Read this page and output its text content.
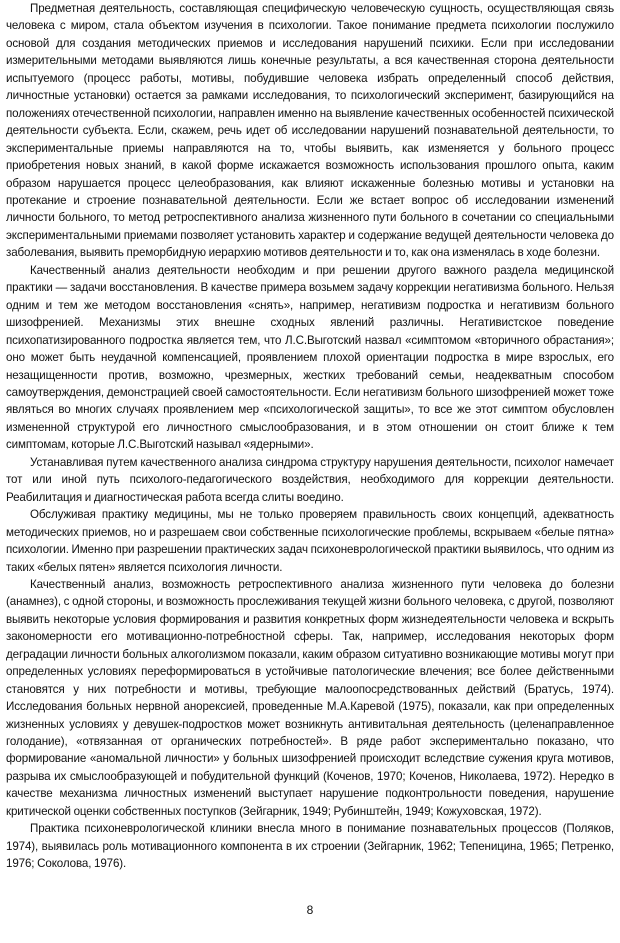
Предметная деятельность, составляющая специфическую человеческую сущность, осуществляющая связь человека с миром, стала объектом изучения в психологии. Такое понимание предмета психологии послужило основой для создания методических приемов и исследования нарушений психики. Если при исследовании измерительными методами выявляются лишь конечные результаты, а вся качественная сторона деятельности испытуемого (процесс работы, мотивы, побудившие человека избрать определенный способ действия, личностные установки) остается за рамками исследования, то психологический эксперимент, базирующийся на положениях отечественной психологии, направлен именно на выявление качественных особенностей психической деятельности субъекта. Если, скажем, речь идет об исследовании нарушений познавательной деятельности, то экспериментальные приемы направляются на то, чтобы выявить, как изменяется у больного процесс приобретения новых знаний, в какой форме искажается возможность использования прошлого опыта, каким образом нарушается процесс целеобразования, как влияют искаженные болезнью мотивы и установки на протекание и строение познавательной деятельности. Если же встает вопрос об исследовании изменений личности больного, то метод ретроспективного анализа жизненного пути больного в сочетании со специальными экспериментальными приемами позволяет установить характер и содержание ведущей деятельности человека до заболевания, выявить преморбидную иерархию мотивов деятельности и то, как она изменялась в ходе болезни.

Качественный анализ деятельности необходим и при решении другого важного раздела медицинской практики — задачи восстановления. В качестве примера возьмем задачу коррекции негативизма больного. Нельзя одним и тем же методом восстановления «снять», например, негативизм подростка и негативизм больного шизофренией. Механизмы этих внешне сходных явлений различны. Негативистское поведение психопатизированного подростка является тем, что Л.С.Выготский назвал «симптомом «вторичного обрастания»; оно может быть неудачной компенсацией, проявлением плохой ориентации подростка в мире взрослых, его незащищенности против, возможно, чрезмерных, жестких требований семьи, неадекватным способом самоутверждения, демонстрацией своей самостоятельности. Если негативизм больного шизофренией может тоже являться во многих случаях проявлением мер «психологической защиты», то все же этот симптом обусловлен измененной структурой его личностного смыслообразования, и в этом отношении он стоит ближе к тем симптомам, которые Л.С.Выготский называл «ядерными».

Устанавливая путем качественного анализа синдрома структуру нарушения деятельности, психолог намечает тот или иной путь психолого-педагогического воздействия, необходимого для коррекции деятельности. Реабилитация и диагностическая работа всегда слиты воедино.

Обслуживая практику медицины, мы не только проверяем правильность своих концепций, адекватность методических приемов, но и разрешаем свои собственные психологические проблемы, вскрываем «белые пятна» психологии. Именно при разрешении практических задач психоневрологической практики выявилось, что одним из таких «белых пятен» является психология личности.

Качественный анализ, возможность ретроспективного анализа жизненного пути человека до болезни (анамнез), с одной стороны, и возможность прослеживания текущей жизни больного человека, с другой, позволяют выявить некоторые условия формирования и развития конкретных форм жизнедеятельности человека и вскрыть закономерности его мотивационно-потребностной сферы. Так, например, исследования некоторых форм деградации личности больных алкоголизмом показали, каким образом ситуативно возникающие мотивы могут при определенных условиях переформироваться в устойчивые патологические влечения; все более действенными становятся у них потребности и мотивы, требующие малоопосредствованных действий (Братусь, 1974). Исследования больных нервной анорексией, проведенные М.А.Каревой (1975), показали, как при определенных жизненных условиях у девушек-подростков может возникнуть антивитальная деятельность (целенаправленное голодание), «отвязанная от органических потребностей». В ряде работ экспериментально показано, что формирование «аномальной личности» у больных шизофренией происходит вследствие сужения круга мотивов, разрыва их смыслообразующей и побудительной функций (Коченов, 1970; Коченов, Николаева, 1972). Нередко в качестве механизма личностных изменений выступает нарушение подконтрольности поведения, нарушение критической оценки собственных поступков (Зейгарник, 1949; Рубинштейн, 1949; Кожуховская, 1972).

Практика психоневрологической клиники внесла много в понимание познавательных процессов (Поляков, 1974), выявилась роль мотивационного компонента в их строении (Зейгарник, 1962; Тепеницина, 1965; Петренко, 1976; Соколова, 1976).

8
